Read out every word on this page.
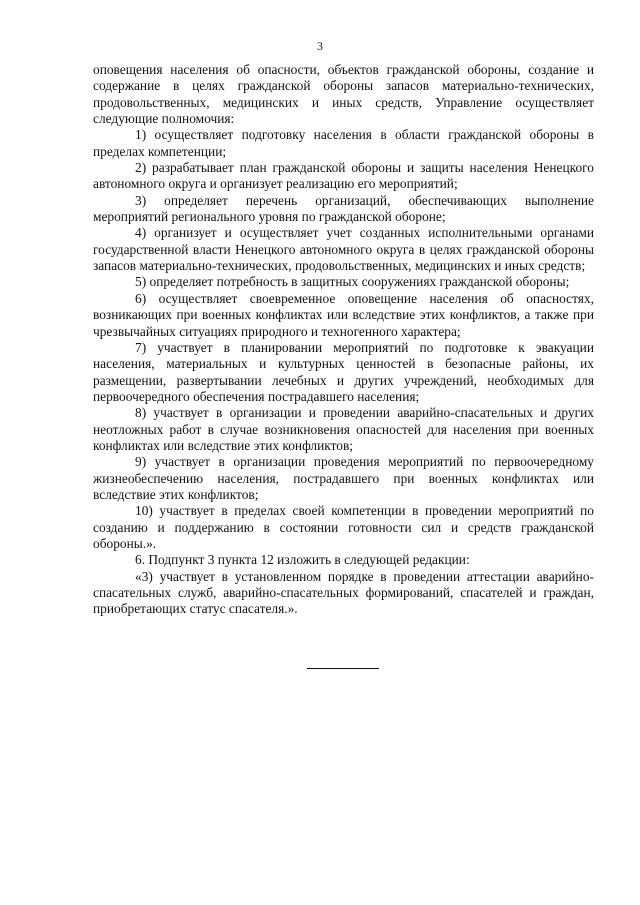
3

оповещения населения об опасности, объектов гражданской обороны, создание и содержание в целях гражданской обороны запасов материально-технических, продовольственных, медицинских и иных средств, Управление осуществляет следующие полномочия:

1) осуществляет подготовку населения в области гражданской обороны в пределах компетенции;

2) разрабатывает план гражданской обороны и защиты населения Ненецкого автономного округа и организует реализацию его мероприятий;

3) определяет перечень организаций, обеспечивающих выполнение мероприятий регионального уровня по гражданской обороне;

4) организует и осуществляет учет созданных исполнительными органами государственной власти Ненецкого автономного округа в целях гражданской обороны запасов материально-технических, продовольственных, медицинских и иных средств;

5) определяет потребность в защитных сооружениях гражданской обороны;

6) осуществляет своевременное оповещение населения об опасностях, возникающих при военных конфликтах или вследствие этих конфликтов, а также при чрезвычайных ситуациях природного и техногенного характера;

7) участвует в планировании мероприятий по подготовке к эвакуации населения, материальных и культурных ценностей в безопасные районы, их размещении, развертывании лечебных и других учреждений, необходимых для первоочередного обеспечения пострадавшего населения;

8) участвует в организации и проведении аварийно-спасательных и других неотложных работ в случае возникновения опасностей для населения при военных конфликтах или вследствие этих конфликтов;

9) участвует в организации проведения мероприятий по первоочередному жизнеобеспечению населения, пострадавшего при военных конфликтах или вследствие этих конфликтов;

10) участвует в пределах своей компетенции в проведении мероприятий по созданию и поддержанию в состоянии готовности сил и средств гражданской обороны.».

6. Подпункт 3 пункта 12 изложить в следующей редакции:

«3) участвует в установленном порядке в проведении аттестации аварийно-спасательных служб, аварийно-спасательных формирований, спасателей и граждан, приобретающих статус спасателя.».
